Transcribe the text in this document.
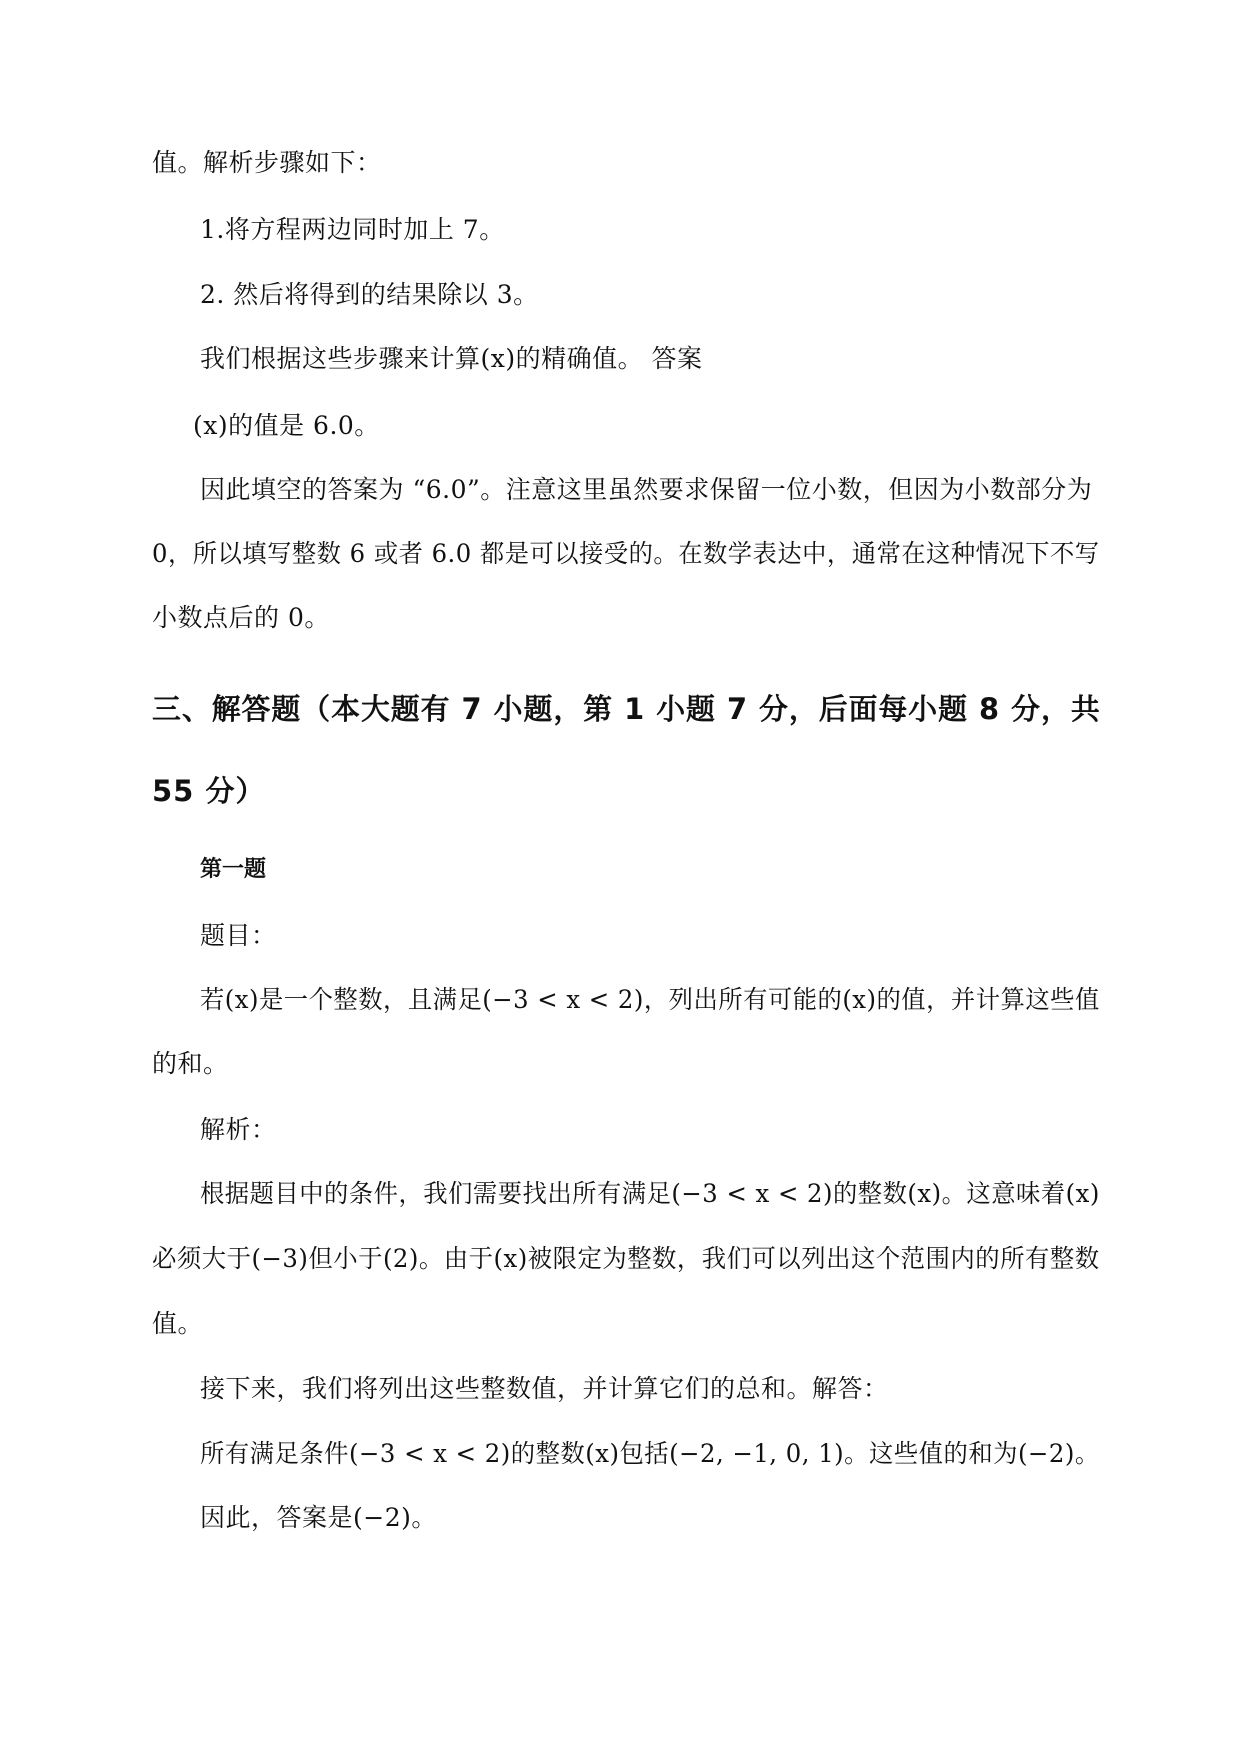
值。解析步骤如下：
1.将方程两边同时加上 7。
2. 然后将得到的结果除以 3。
我们根据这些步骤来计算(x)的精确值。 答案
(x)的值是 6.0。
因此填空的答案为 “6.0”。注意这里虽然要求保留一位小数，但因为小数部分为
0，所以填写整数 6 或者 6.0 都是可以接受的。在数学表达中，通常在这种情况下不写
小数点后的 0。
三、解答题（本大题有 7 小题，第 1 小题 7 分，后面每小题 8 分，共
55 分）
第一题
题目：
若(x)是一个整数，且满足(−3 < x < 2)，列出所有可能的(x)的值，并计算这些值
的和。
解析：
根据题目中的条件，我们需要找出所有满足(−3 < x < 2)的整数(x)。这意味着(x)
必须大于(−3)但小于(2)。由于(x)被限定为整数，我们可以列出这个范围内的所有整数
值。
接下来，我们将列出这些整数值，并计算它们的总和。解答：
所有满足条件(−3 < x < 2)的整数(x)包括(−2, −1, 0, 1)。这些值的和为(−2)。
因此，答案是(−2)。
